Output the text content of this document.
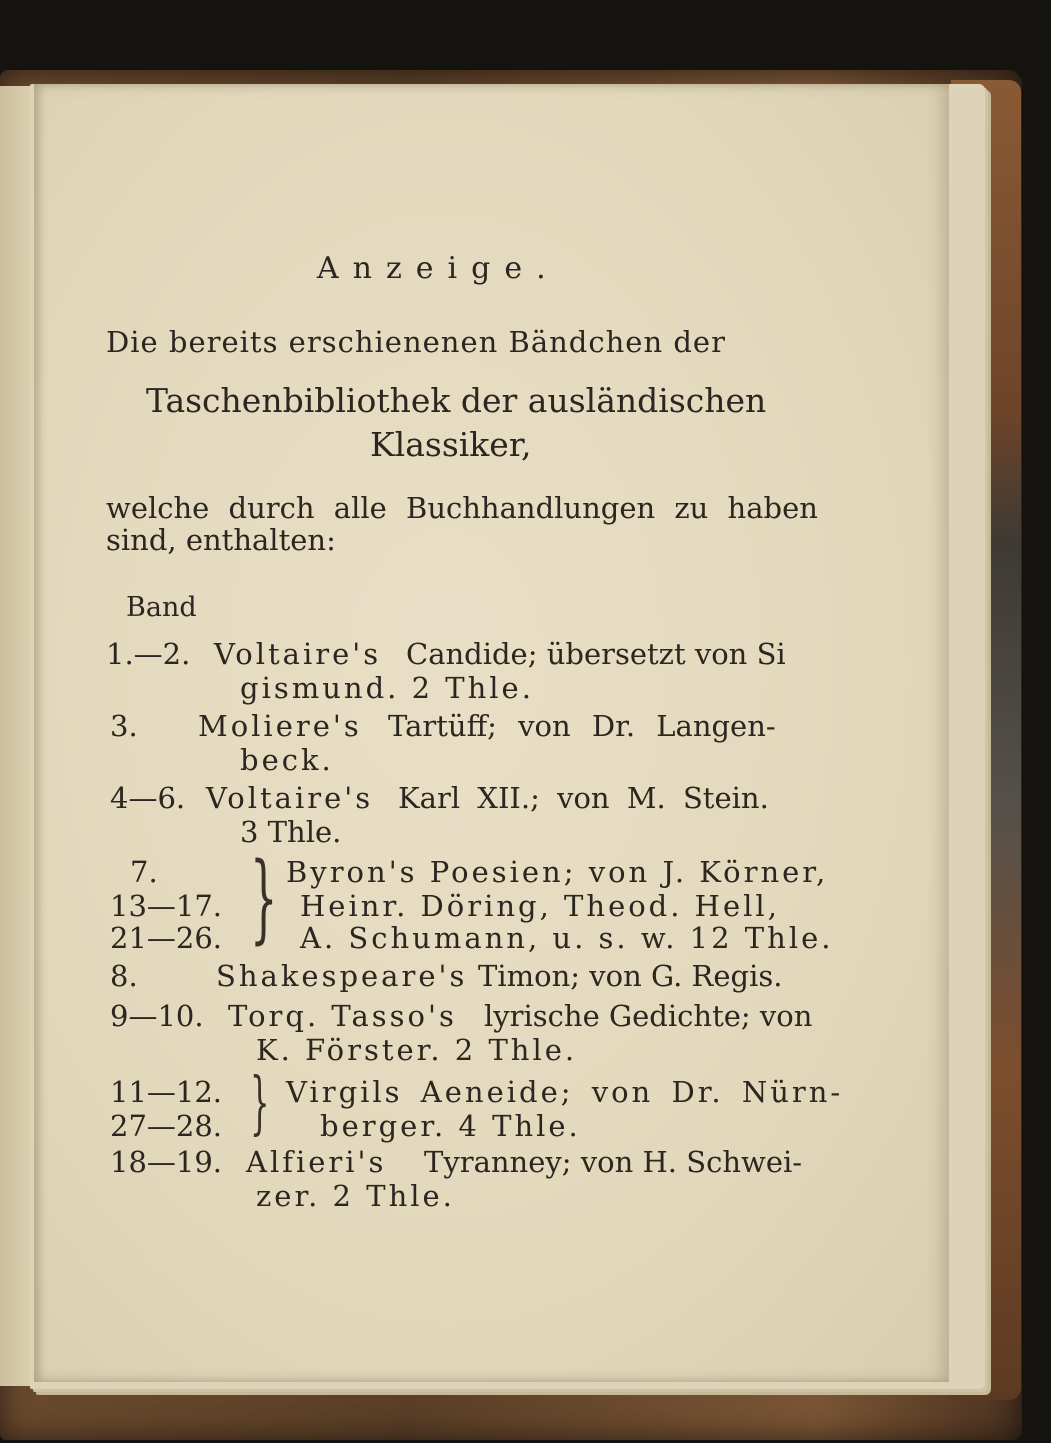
Anzeige.
Die bereits erschienenen Bändchen der
Taschenbibliothek der ausländischen
Klassiker,
welche durch alle Buchhandlungen zu haben
sind, enthalten:
Band
1.—2. Voltaire's Candide; übersetzt von Si
gismund. 2 Thle.
3. Moliere's Tartüff; von Dr. Langen-
beck.
4—6. Voltaire's Karl XII.; von M. Stein.
3 Thle.
7.
13—17.
21—26. } Byron's Poesien; von J. Körner,
Heinr. Döring, Theod. Hell,
A. Schumann, u. s. w. 12 Thle.
8.	Shakespeare's Timon; von G. Regis.
9—10. Torq. Tasso's lyrische Gedichte; von
K. Förster. 2 Thle.
11—12.
27—28. } Virgils Aeneide; von Dr. Nürn-
berger. 4 Thle.
18—19. Alfieri's Tyranney; von H. Schwei-
zer. 2 Thle.
